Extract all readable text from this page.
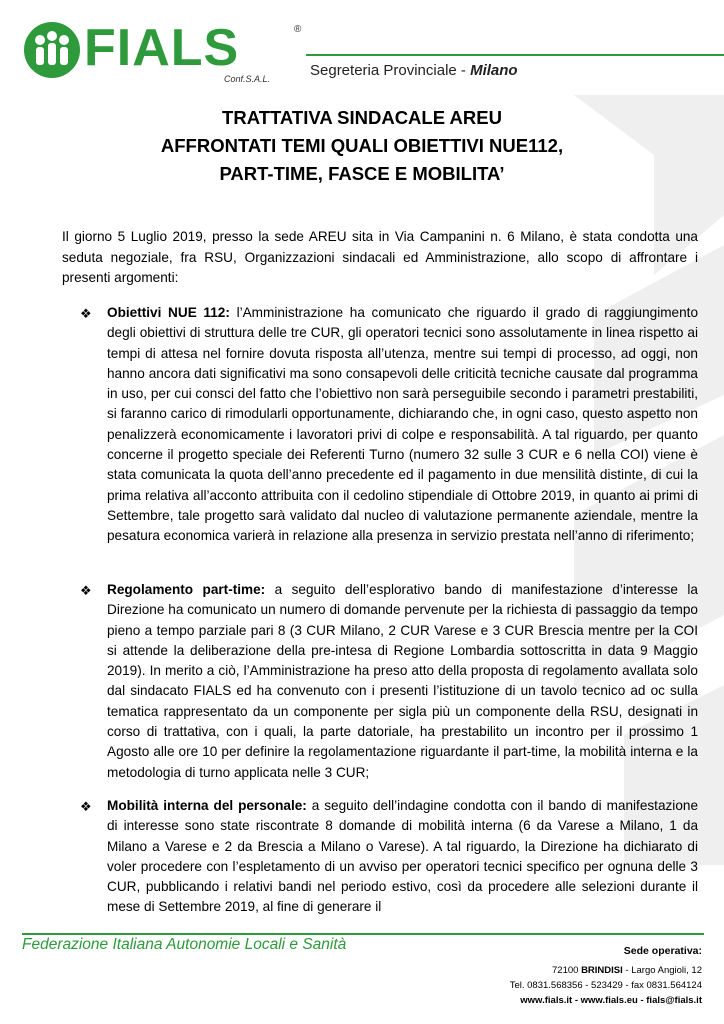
FIALS	®
Conf.S.A.L.	Segreteria Provinciale - Milano
TRATTATIVA SINDACALE AREU
AFFRONTATI TEMI QUALI OBIETTIVI NUE112,
PART-TIME, FASCE E MOBILITA’
Il giorno 5 Luglio 2019, presso la sede AREU sita in Via Campanini n. 6 Milano, è stata condotta una seduta negoziale, fra RSU, Organizzazioni sindacali ed Amministrazione, allo scopo di affrontare i presenti argomenti:
❖	Obiettivi NUE 112: l’Amministrazione ha comunicato che riguardo il grado di raggiungimento degli obiettivi di struttura delle tre CUR, gli operatori tecnici sono assolutamente in linea rispetto ai tempi di attesa nel fornire dovuta risposta all’utenza, mentre sui tempi di processo, ad oggi, non hanno ancora dati significativi ma sono consapevoli delle criticità tecniche causate dal programma in uso, per cui consci del fatto che l’obiettivo non sarà perseguibile secondo i parametri prestabiliti, si faranno carico di rimodularli opportunamente, dichiarando che, in ogni caso, questo aspetto non penalizzerà economicamente i lavoratori privi di colpe e responsabilità. A tal riguardo, per quanto concerne il progetto speciale dei Referenti Turno (numero 32 sulle 3 CUR e 6 nella COI) viene è stata comunicata la quota dell’anno precedente ed il pagamento in due mensilità distinte, di cui la prima relativa all’acconto attribuita con il cedolino stipendiale di Ottobre 2019, in quanto ai primi di Settembre, tale progetto sarà validato dal nucleo di valutazione permanente aziendale, mentre la pesatura economica varierà in relazione alla presenza in servizio prestata nell’anno di riferimento;
❖	Regolamento part-time: a seguito dell’esplorativo bando di manifestazione d’interesse la Direzione ha comunicato un numero di domande pervenute per la richiesta di passaggio da tempo pieno a tempo parziale pari 8 (3 CUR Milano, 2 CUR Varese e 3 CUR Brescia mentre per la COI si attende la deliberazione della pre-intesa di Regione Lombardia sottoscritta in data 9 Maggio 2019). In merito a ciò, l’Amministrazione ha preso atto della proposta di regolamento avallata solo dal sindacato FIALS ed ha convenuto con i presenti l’istituzione di un tavolo tecnico ad oc sulla tematica rappresentato da un componente per sigla più un componente della RSU, designati in corso di trattativa, con i quali, la parte datoriale, ha prestabilito un incontro per il prossimo 1 Agosto alle ore 10 per definire la regolamentazione riguardante il part-time, la mobilità interna e la metodologia di turno applicata nelle 3 CUR;
❖	Mobilità interna del personale: a seguito dell’indagine condotta con il bando di manifestazione di interesse sono state riscontrate 8 domande di mobilità interna (6 da Varese a Milano, 1 da Milano a Varese e 2 da Brescia a Milano o Varese). A tal riguardo, la Direzione ha dichiarato di voler procedere con l’espletamento di un avviso per operatori tecnici specifico per ognuna delle 3 CUR, pubblicando i relativi bandi nel periodo estivo, così da procedere alle selezioni durante il mese di Settembre 2019, al fine di generare il
Federazione Italiana Autonomie Locali e Sanità	Sede operativa:
72100 BRINDISI - Largo Angioli, 12
Tel. 0831.568356 - 523429 - fax 0831.564124
www.fials.it - www.fials.eu - fials@fials.it
